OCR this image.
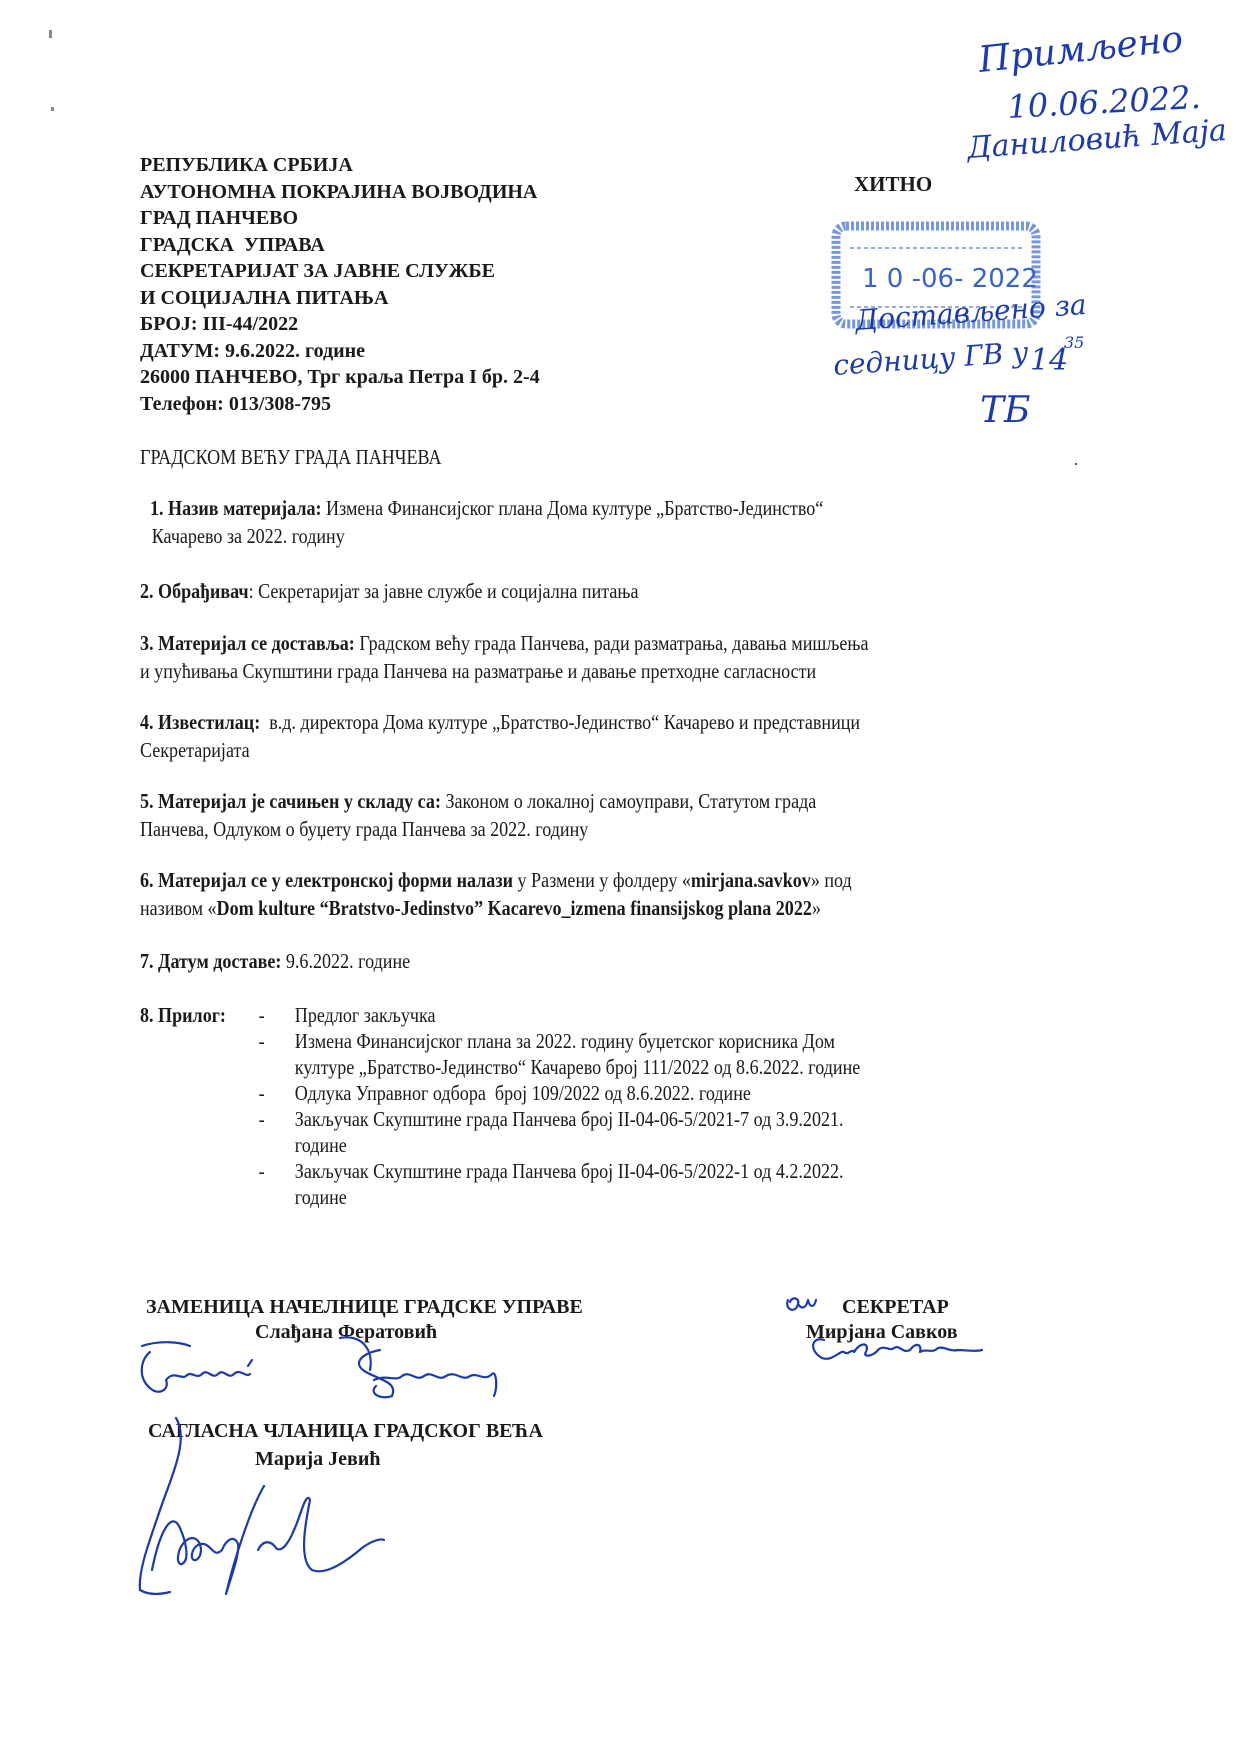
РЕПУБЛИКА СРБИЈА
АУТОНОМНА ПОКРАЈИНА ВОЈВОДИНА
ГРАД ПАНЧЕВО
ГРАДСКА  УПРАВА
СЕКРЕТАРИЈАТ ЗА ЈАВНЕ СЛУЖБЕ
И СОЦИЈАЛНА ПИТАЊА
БРОЈ: III-44/2022
ДАТУМ: 9.6.2022. године
26000 ПАНЧЕВО, Трг краља Петра I бр. 2-4
Телефон: 013/308-795
ХИТНО
Примљено
10.06.2022.
Даниловић Маја
1 0 -06- 2022
Достављено за
седницу ГВ у 14
35
ТБ
ГРАДСКОМ ВЕЋУ ГРАДА ПАНЧЕВА
1. Назив материјала: Измена Финансијског плана Дома културе „Братство-Јединство“
Качарево за 2022. годину
2. Обрађивач: Секретаријат за јавне службе и социјална питања
3. Материјал се доставља: Градском већу града Панчева, ради разматрања, давања мишљења
и упућивања Скупштини града Панчева на разматрање и давање претходне сагласности
4. Известилац:  в.д. директора Дома културе „Братство-Јединство“ Качарево и представници
Секретаријата
5. Материјал је сачињен у складу са: Законом о локалној самоуправи, Статутом града
Панчева, Одлуком о буџету града Панчева за 2022. годину
6. Материјал се у електронској форми налази у Размени у фолдеру «mirjana.savkov» под
називом «Dom kulture “Bratstvo-Jedinstvo” Kacarevo_izmena finansijskog plana 2022»
7. Датум доставе: 9.6.2022. године
8. Прилог: - Предлог закључка
- Измена Финансијског плана за 2022. годину буџетског корисника Дом
културе „Братство-Јединство“ Качарево број 111/2022 од 8.6.2022. године
- Одлука Управног одбора  број 109/2022 од 8.6.2022. године
- Закључак Скупштине града Панчева број II-04-06-5/2021-7 од 3.9.2021.
године
- Закључак Скупштине града Панчева број II-04-06-5/2022-1 од 4.2.2022.
године
ЗАМЕНИЦА НАЧЕЛНИЦЕ ГРАДСКЕ УПРАВЕ
Слађана Фератовић
СЕКРЕТАР
Мирјана Савков
САГЛАСНА ЧЛАНИЦА ГРАДСКОГ ВЕЋА
Марија Јевић
